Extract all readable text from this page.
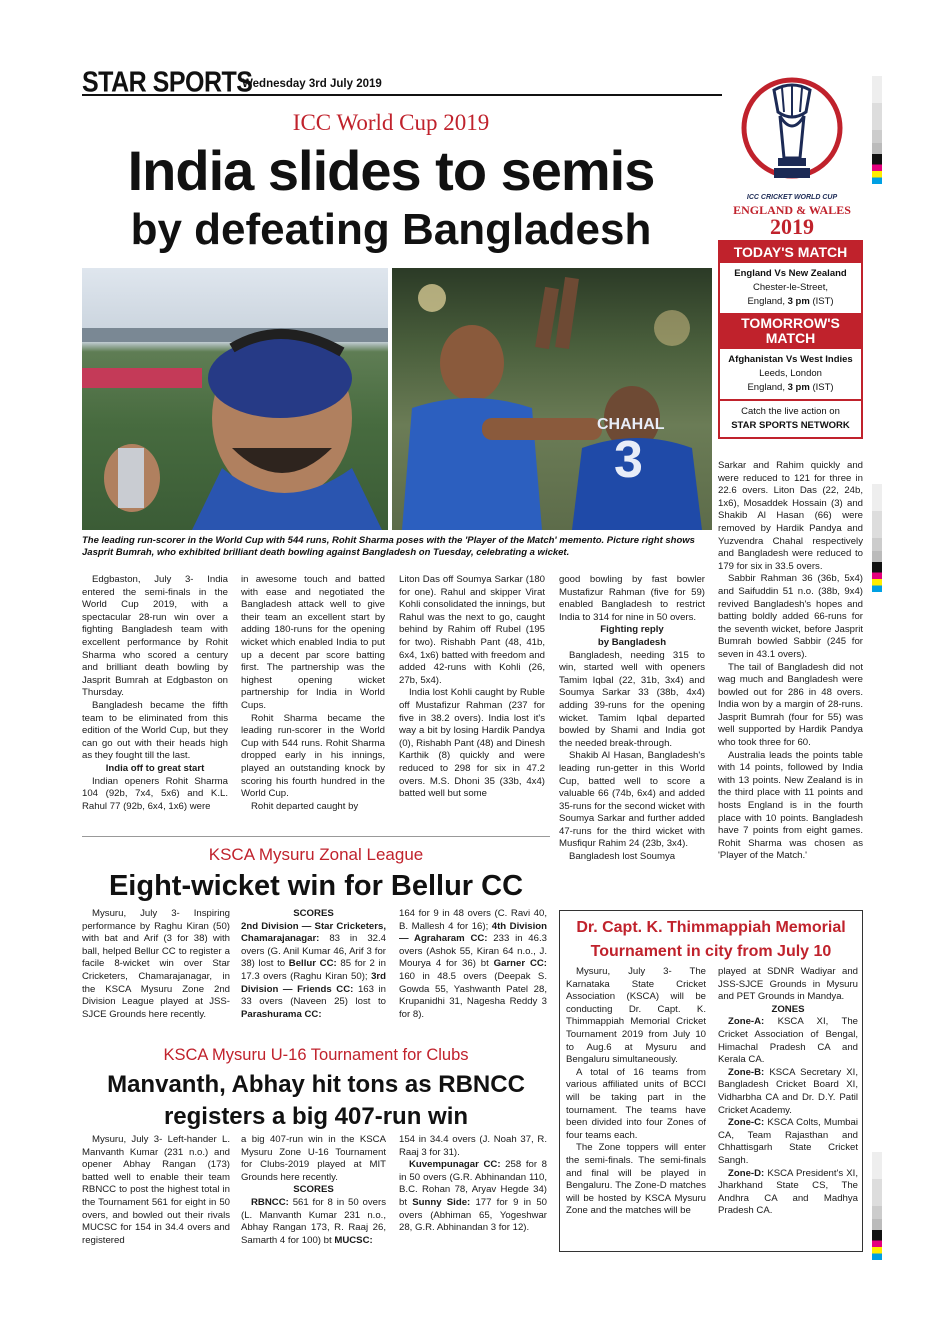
STAR SPORTS
Wednesday 3rd July 2019
ICC CRICKET WORLD CUP
ENGLAND & WALES
2019
ICC World Cup 2019
India slides to semis
by defeating Bangladesh
CHAHAL
3
The leading run-scorer in the World Cup with 544 runs, Rohit Sharma poses with the 'Player of the Match' memento. Picture right shows Jasprit Bumrah, who exhibited brilliant death bowling against Bangladesh on Tuesday, celebrating a wicket.
TODAY'S MATCH
England Vs New Zealand
Chester-le-Street,
England, 3 pm (IST)
TOMORROW'S MATCH
Afghanistan Vs West Indies
Leeds, London
England, 3 pm (IST)
Catch the live action on
STAR SPORTS NETWORK

Edgbaston, July 3- India entered the semi-finals in the World Cup 2019, with a spectacular 28-run win over a fighting Bangladesh team with excellent performance by Rohit Sharma who scored a century and brilliant death bowling by Jasprit Bumrah at Edgbaston on Thursday.

Bangladesh became the fifth team to be eliminated from this edition of the World Cup, but they can go out with their heads high as they fought till the last.

India off to great start

Indian openers Rohit Sharma 104 (92b, 7x4, 5x6) and K.L. Rahul 77 (92b, 6x4, 1x6) were

in awesome touch and batted with ease and negotiated the Bangladesh attack well to give their team an excellent start by adding 180-runs for the opening wicket which enabled India to put up a decent par score batting first. The partnership was the highest opening wicket partnership for India in World Cups.

Rohit Sharma became the leading run-scorer in the World Cup with 544 runs. Rohit Sharma dropped early in his innings, played an outstanding knock by scoring his fourth hundred in the World Cup.

Rohit departed caught by

Liton Das off Soumya Sarkar (180 for one). Rahul and skipper Virat Kohli consolidated the innings, but Rahul was the next to go, caught behind by Rahim off Rubel (195 for two). Rishabh Pant (48, 41b, 6x4, 1x6) batted with freedom and added 42-runs with Kohli (26, 27b, 5x4).

India lost Kohli caught by Ruble off Mustafizur Rahman (237 for five in 38.2 overs). India lost it's way a bit by losing Hardik Pandya (0), Rishabh Pant (48) and Dinesh Karthik (8) quickly and were reduced to 298 for six in 47.2 overs. M.S. Dhoni 35 (33b, 4x4) batted well but some

good bowling by fast bowler Mustafizur Rahman (five for 59) enabled Bangladesh to restrict India to 314 for nine in 50 overs.

Fighting reply

by Bangladesh

Bangladesh, needing 315 to win, started well with openers Tamim Iqbal (22, 31b, 3x4) and Soumya Sarkar 33 (38b, 4x4) adding 39-runs for the opening wicket. Tamim Iqbal departed bowled by Shami and India got the needed break-through.

Shakib Al Hasan, Bangladesh's leading run-getter in this World Cup, batted well to score a valuable 66 (74b, 6x4) and added 35-runs for the second wicket with Soumya Sarkar and further added 47-runs for the third wicket with Musfiqur Rahim 24 (23b, 3x4).

Bangladesh lost Soumya

Sarkar and Rahim quickly and were reduced to 121 for three in 22.6 overs. Liton Das (22, 24b, 1x6), Mosaddek Hossain (3) and Shakib Al Hasan (66) were removed by Hardik Pandya and Yuzvendra Chahal respectively and Bangladesh were reduced to 179 for six in 33.5 overs.

Sabbir Rahman 36 (36b, 5x4) and Saifuddin 51 n.o. (38b, 9x4) revived Bangladesh's hopes and batting boldly added 66-runs for the seventh wicket, before Jasprit Bumrah bowled Sabbir (245 for seven in 43.1 overs).

The tail of Bangladesh did not wag much and Bangladesh were bowled out for 286 in 48 overs. India won by a margin of 28-runs. Jasprit Bumrah (four for 55) was well supported by Hardik Pandya who took three for 60.

Australia leads the points table with 14 points, followed by India with 13 points. New Zealand is in the third place with 11 points and hosts England is in the fourth place with 10 points. Bangladesh have 7 points from eight games. Rohit Sharma was chosen as 'Player of the Match.'

KSCA Mysuru Zonal League
Eight-wicket win for Bellur CC

Mysuru, July 3- Inspiring performance by Raghu Kiran (50) with bat and Arif (3 for 38) with ball, helped Bellur CC to register a facile 8-wicket win over Star Cricketers, Chamarajanagar, in the KSCA Mysuru Zone 2nd Division League played at JSS-SJCE Grounds here recently.

SCORES

2nd Division — Star Cricketers, Chamarajanagar: 83 in 32.4 overs (G. Anil Kumar 46, Arif 3 for 38) lost to Bellur CC: 85 for 2 in 17.3 overs (Raghu Kiran 50); 3rd Division — Friends CC: 163 in 33 overs (Naveen 25) lost to Parashurama CC:

164 for 9 in 48 overs (C. Ravi 40, B. Mallesh 4 for 16); 4th Division — Agraharam CC: 233 in 46.3 overs (Ashok 55, Kiran 64 n.o., J. Mourya 4 for 36) bt Garner CC: 160 in 48.5 overs (Deepak S. Gowda 55, Yashwanth Patel 28, Krupanidhi 31, Nagesha Reddy 3 for 8).

KSCA Mysuru U-16 Tournament for Clubs
Manvanth, Abhay hit tons as RBNCC
registers a big 407-run win

Mysuru, July 3- Left-hander L. Manvanth Kumar (231 n.o.) and opener Abhay Rangan (173) batted well to enable their team RBNCC to post the highest total in the Tournament 561 for eight in 50 overs, and bowled out their rivals MUCSC for 154 in 34.4 overs and registered

a big 407-run win in the KSCA Mysuru Zone U-16 Tournament for Clubs-2019 played at MIT Grounds here recently.

SCORES

RBNCC: 561 for 8 in 50 overs (L. Manvanth Kumar 231 n.o., Abhay Rangan 173, R. Raaj 26, Samarth 4 for 100) bt MUCSC:

154 in 34.4 overs (J. Noah 37, R. Raaj 3 for 31).

Kuvempunagar CC: 258 for 8 in 50 overs (G.R. Abhinandan 110, B.C. Rohan 78, Aryav Hegde 34) bt Sunny Side: 177 for 9 in 50 overs (Abhiman 65, Yogeshwar 28, G.R. Abhinandan 3 for 12).

Dr. Capt. K. Thimmappiah Memorial
Tournament in city from July 10

Mysuru, July 3- The Karnataka State Cricket Association (KSCA) will be conducting Dr. Capt. K. Thimmappiah Memorial Cricket Tournament 2019 from July 10 to Aug.6 at Mysuru and Bengaluru simultaneously.

A total of 16 teams from various affiliated units of BCCI will be taking part in the tournament. The teams have been divided into four Zones of four teams each.

The Zone toppers will enter the semi-finals. The semi-finals and final will be played in Bengaluru. The Zone-D matches will be hosted by KSCA Mysuru Zone and the matches will be

played at SDNR Wadiyar and JSS-SJCE Grounds in Mysuru and PET Grounds in Mandya.

ZONES

Zone-A: KSCA XI, The Cricket Association of Bengal, Himachal Pradesh CA and Kerala CA.

Zone-B: KSCA Secretary XI, Bangladesh Cricket Board XI, Vidharbha CA and Dr. D.Y. Patil Cricket Academy.

Zone-C: KSCA Colts, Mumbai CA, Team Rajasthan and Chhattisgarh State Cricket Sangh.

Zone-D: KSCA President's XI, Jharkhand State CS, The Andhra CA and Madhya Pradesh CA.
